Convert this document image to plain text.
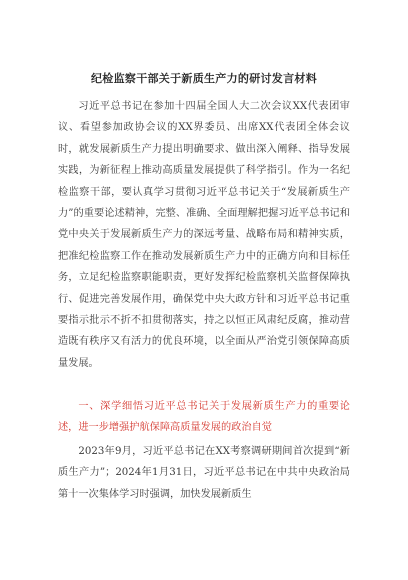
纪检监察干部关于新质生产力的研讨发言材料

习近平总书记在参加十四届全国人大二次会议XX代表团审议、看望参加政协会议的XX界委员、出席XX代表团全体会议时，就发展新质生产力提出明确要求、做出深入阐释、指导发展实践，为新征程上推动高质量发展提供了科学指引。作为一名纪检监察干部，要认真学习贯彻习近平总书记关于“发展新质生产力”的重要论述精神，完整、准确、全面理解把握习近平总书记和党中央关于发展新质生产力的深远考量、战略布局和精神实质，把准纪检监察工作在推动发展新质生产力中的正确方向和目标任务，立足纪检监察职能职责，更好发挥纪检监察机关监督保障执行、促进完善发展作用，确保党中央大政方针和习近平总书记重要指示批示不折不扣贯彻落实，持之以恒正风肃纪反腐，推动营造既有秩序又有活力的优良环境，以全面从严治党引领保障高质量发展。

一、深学细悟习近平总书记关于发展新质生产力的重要论述，进一步增强护航保障高质量发展的政治自觉

2023年9月，习近平总书记在XX考察调研期间首次提到“新质生产力”；2024年1月31日，习近平总书记在中共中央政治局第十一次集体学习时强调，加快发展新质生
